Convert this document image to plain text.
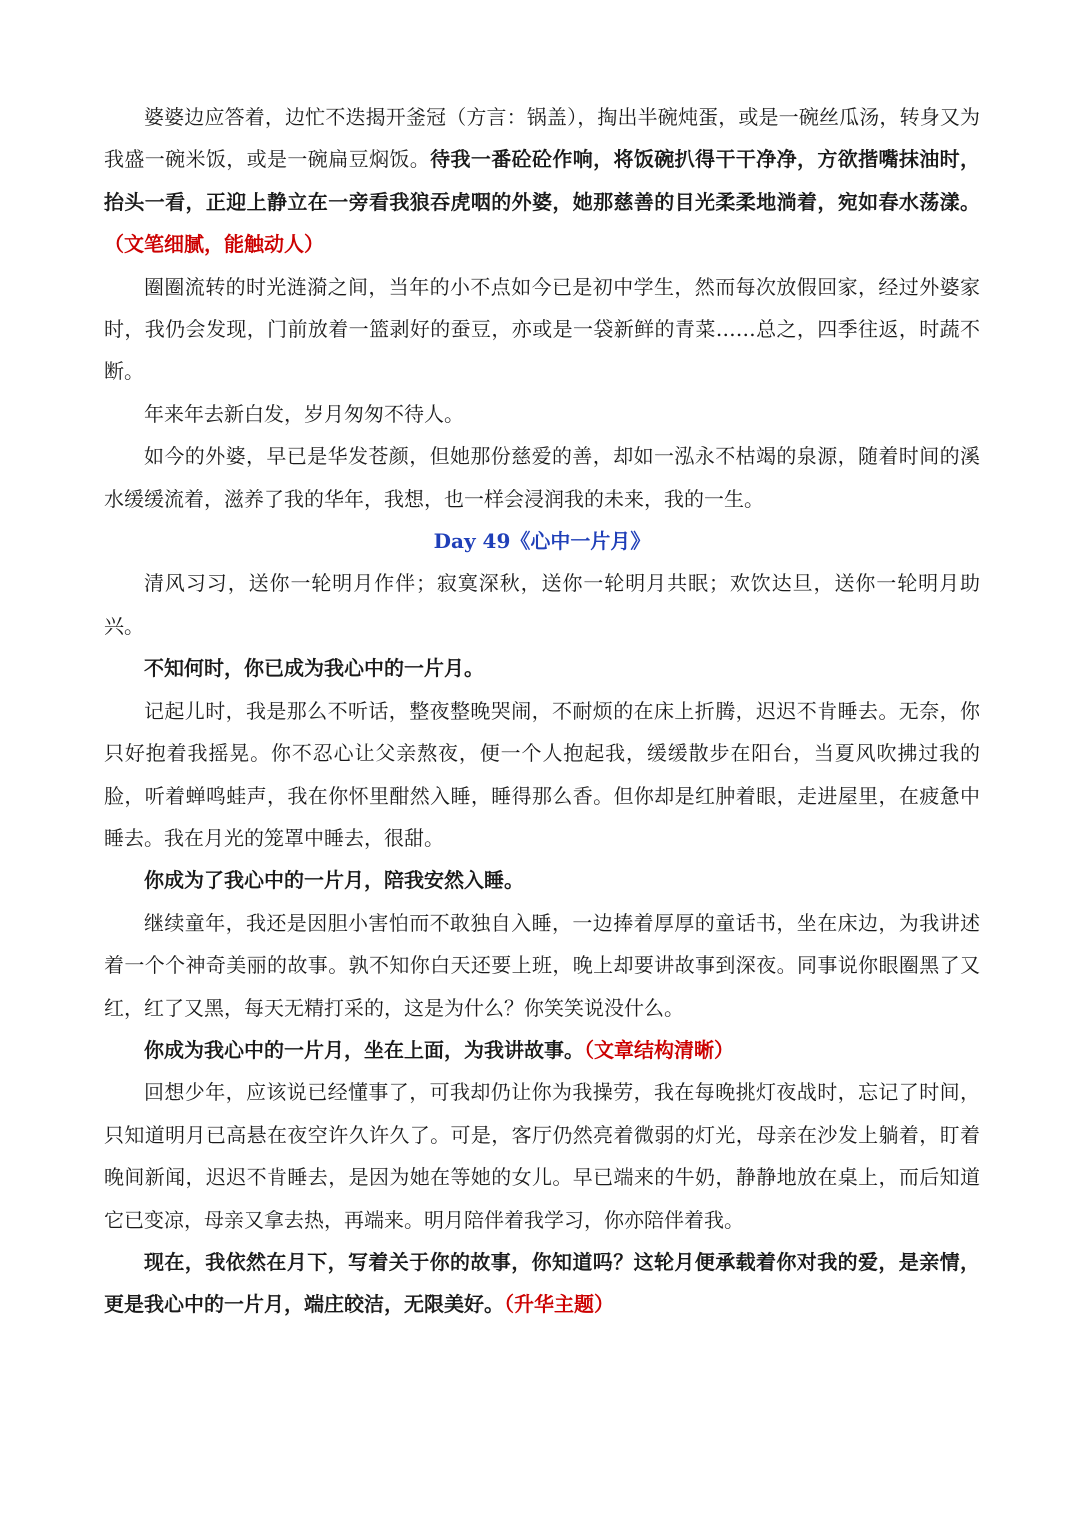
婆婆边应答着，边忙不迭揭开釜冠（方言：锅盖），掏出半碗炖蛋，或是一碗丝瓜汤，转身又为我盛一碗米饭，或是一碗扁豆焖饭。待我一番砼砼作响，将饭碗扒得干干净净，方欲揩嘴抹油时，抬头一看，正迎上静立在一旁看我狼吞虎咽的外婆，她那慈善的目光柔柔地淌着，宛如春水荡漾。（文笔细腻，能触动人）

圈圈流转的时光涟漪之间，当年的小不点如今已是初中学生，然而每次放假回家，经过外婆家时，我仍会发现，门前放着一篮剥好的蚕豆，亦或是一袋新鲜的青菜……总之，四季往返，时蔬不断。

年来年去新白发，岁月匆匆不待人。

如今的外婆，早已是华发苍颜，但她那份慈爱的善，却如一泓永不枯竭的泉源，随着时间的溪水缓缓流着，滋养了我的华年，我想，也一样会浸润我的未来，我的一生。

Day 49《心中一片月》

清风习习，送你一轮明月作伴；寂寞深秋，送你一轮明月共眠；欢饮达旦，送你一轮明月助兴。

不知何时，你已成为我心中的一片月。

记起儿时，我是那么不听话，整夜整晚哭闹，不耐烦的在床上折腾，迟迟不肯睡去。无奈，你只好抱着我摇晃。你不忍心让父亲熬夜，便一个人抱起我，缓缓散步在阳台，当夏风吹拂过我的脸，听着蝉鸣蛙声，我在你怀里酣然入睡，睡得那么香。但你却是红肿着眼，走进屋里，在疲惫中睡去。我在月光的笼罩中睡去，很甜。

你成为了我心中的一片月，陪我安然入睡。

继续童年，我还是因胆小害怕而不敢独自入睡，一边捧着厚厚的童话书，坐在床边，为我讲述着一个个神奇美丽的故事。孰不知你白天还要上班，晚上却要讲故事到深夜。同事说你眼圈黑了又红，红了又黑，每天无精打采的，这是为什么？你笑笑说没什么。

你成为我心中的一片月，坐在上面，为我讲故事。（文章结构清晰）

回想少年，应该说已经懂事了，可我却仍让你为我操劳，我在每晚挑灯夜战时，忘记了时间，只知道明月已高悬在夜空许久许久了。可是，客厅仍然亮着微弱的灯光，母亲在沙发上躺着，盯着晚间新闻，迟迟不肯睡去，是因为她在等她的女儿。早已端来的牛奶，静静地放在桌上，而后知道它已变凉，母亲又拿去热，再端来。明月陪伴着我学习，你亦陪伴着我。

现在，我依然在月下，写着关于你的故事，你知道吗？这轮月便承载着你对我的爱，是亲情，更是我心中的一片月，端庄皎洁，无限美好。（升华主题）
